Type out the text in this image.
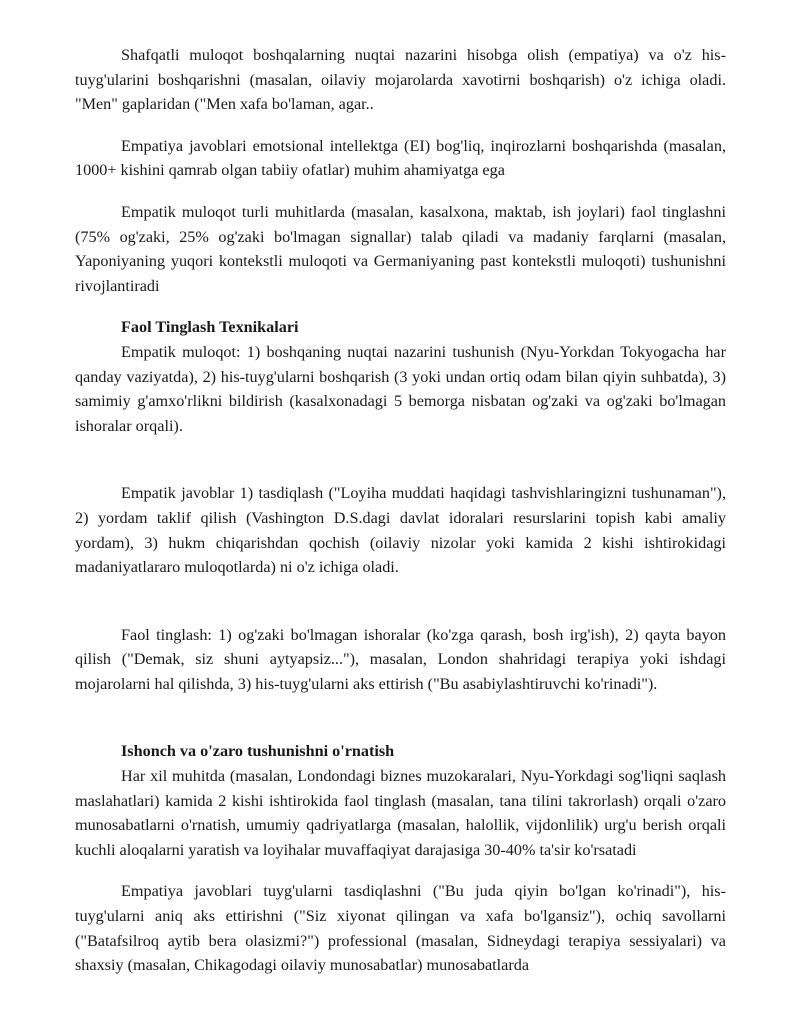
Shafqatli muloqot boshqalarning nuqtai nazarini hisobga olish (empatiya) va o'z his-tuyg'ularini boshqarishni (masalan, oilaviy mojarolarda xavotirni boshqarish) o'z ichiga oladi. "Men" gaplaridan ("Men xafa bo'laman, agar..

Empatiya javoblari emotsional intellektga (EI) bog'liq, inqirozlarni boshqarishda (masalan, 1000+ kishini qamrab olgan tabiiy ofatlar) muhim ahamiyatga ega

Empatik muloqot turli muhitlarda (masalan, kasalxona, maktab, ish joylari) faol tinglashni (75% og'zaki, 25% og'zaki bo'lmagan signallar) talab qiladi va madaniy farqlarni (masalan, Yaponiyaning yuqori kontekstli muloqoti va Germaniyaning past kontekstli muloqoti) tushunishni rivojlantiradi

Faol Tinglash Texnikalari

Empatik muloqot: 1) boshqaning nuqtai nazarini tushunish (Nyu-Yorkdan Tokyogacha har qanday vaziyatda), 2) his-tuyg'ularni boshqarish (3 yoki undan ortiq odam bilan qiyin suhbatda), 3) samimiy g'amxo'rlikni bildirish (kasalxonadagi 5 bemorga nisbatan og'zaki va og'zaki bo'lmagan ishoralar orqali).

Empatik javoblar 1) tasdiqlash ("Loyiha muddati haqidagi tashvishlaringizni tushunaman"), 2) yordam taklif qilish (Vashington D.S.dagi davlat idoralari resurslarini topish kabi amaliy yordam), 3) hukm chiqarishdan qochish (oilaviy nizolar yoki kamida 2 kishi ishtirokidagi madaniyatlararo muloqotlarda) ni o'z ichiga oladi.

Faol tinglash: 1) og'zaki bo'lmagan ishoralar (ko'zga qarash, bosh irg'ish), 2) qayta bayon qilish ("Demak, siz shuni aytyapsiz..."), masalan, London shahridagi terapiya yoki ishdagi mojarolarni hal qilishda, 3) his-tuyg'ularni aks ettirish ("Bu asabiylashtiruvchi ko'rinadi").

Ishonch va o'zaro tushunishni o'rnatish

Har xil muhitda (masalan, Londondagi biznes muzokaralari, Nyu-Yorkdagi sog'liqni saqlash maslahatlari) kamida 2 kishi ishtirokida faol tinglash (masalan, tana tilini takrorlash) orqali o'zaro munosabatlarni o'rnatish, umumiy qadriyatlarga (masalan, halollik, vijdonlilik) urg'u berish orqali kuchli aloqalarni yaratish va loyihalar muvaffaqiyat darajasiga 30-40% ta'sir ko'rsatadi

Empatiya javoblari tuyg'ularni tasdiqlashni ("Bu juda qiyin bo'lgan ko'rinadi"), his-tuyg'ularni aniq aks ettirishni ("Siz xiyonat qilingan va xafa bo'lgansiz"), ochiq savollarni ("Batafsilroq aytib bera olasizmi?") professional (masalan, Sidneydagi terapiya sessiyalari) va shaxsiy (masalan, Chikagodagi oilaviy munosabatlar) munosabatlarda
